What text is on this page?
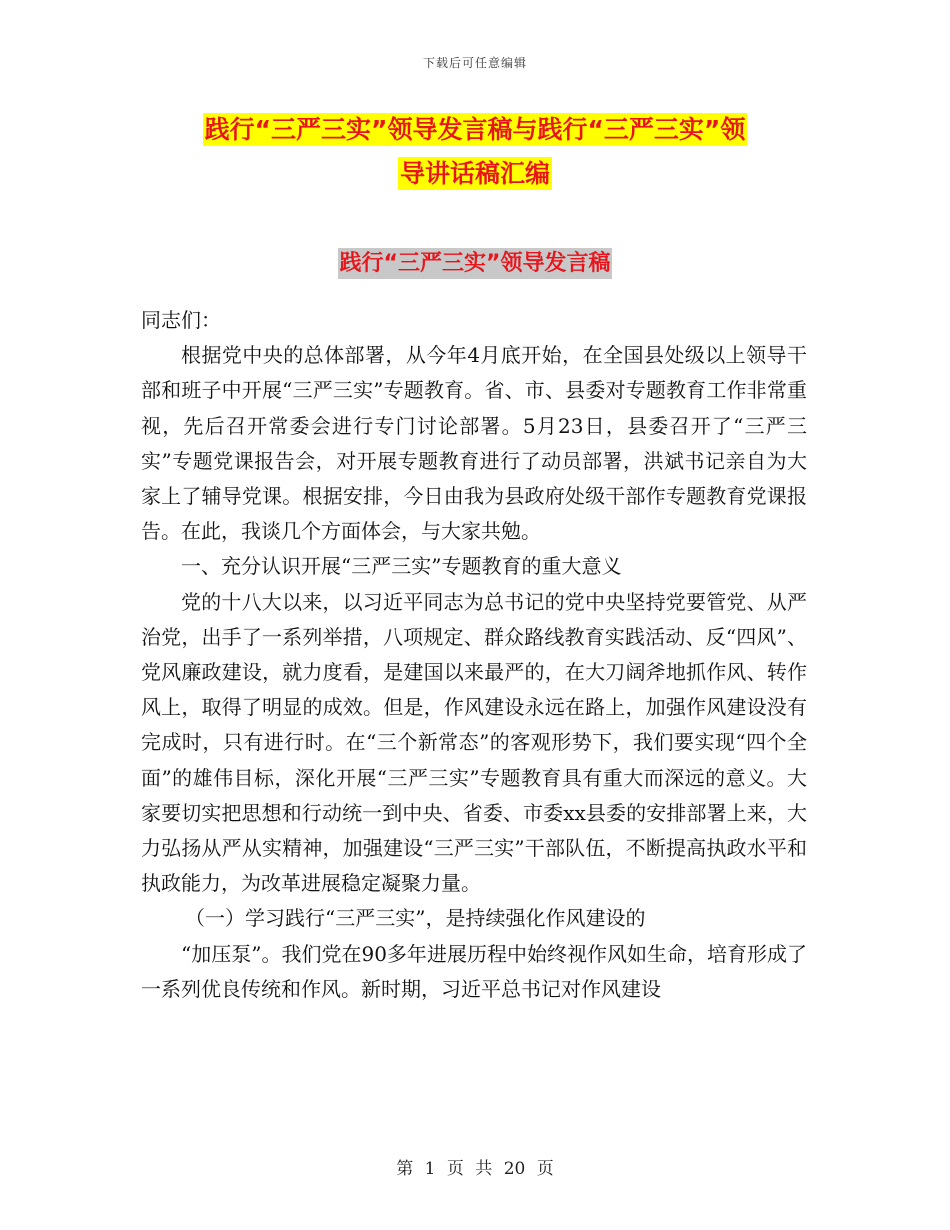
下载后可任意编辑
践行“三严三实”领导发言稿与践行“三严三实”领
导讲话稿汇编
践行“三严三实”领导发言稿

同志们：

根据党中央的总体部署，从今年4月底开始，在全国县处级以上领导干部和班子中开展“三严三实”专题教育。省、市、县委对专题教育工作非常重视，先后召开常委会进行专门讨论部署。5月23日，县委召开了“三严三实”专题党课报告会，对开展专题教育进行了动员部署，洪斌书记亲自为大家上了辅导党课。根据安排，今日由我为县政府处级干部作专题教育党课报告。在此，我谈几个方面体会，与大家共勉。

一、充分认识开展“三严三实”专题教育的重大意义

党的十八大以来，以习近平同志为总书记的党中央坚持党要管党、从严治党，出手了一系列举措，八项规定、群众路线教育实践活动、反“四风”、党风廉政建设，就力度看，是建国以来最严的，在大刀阔斧地抓作风、转作风上，取得了明显的成效。但是，作风建设永远在路上，加强作风建设没有完成时，只有进行时。在“三个新常态”的客观形势下，我们要实现“四个全面”的雄伟目标，深化开展“三严三实”专题教育具有重大而深远的意义。大家要切实把思想和行动统一到中央、省委、市委xx县委的安排部署上来，大力弘扬从严从实精神，加强建设“三严三实”干部队伍，不断提高执政水平和执政能力，为改革进展稳定凝聚力量。

（一）学习践行“三严三实”，是持续强化作风建设的

“加压泵”。我们党在90多年进展历程中始终视作风如生命，培育形成了一系列优良传统和作风。新时期，习近平总书记对作风建设

第 1 页 共 20 页
